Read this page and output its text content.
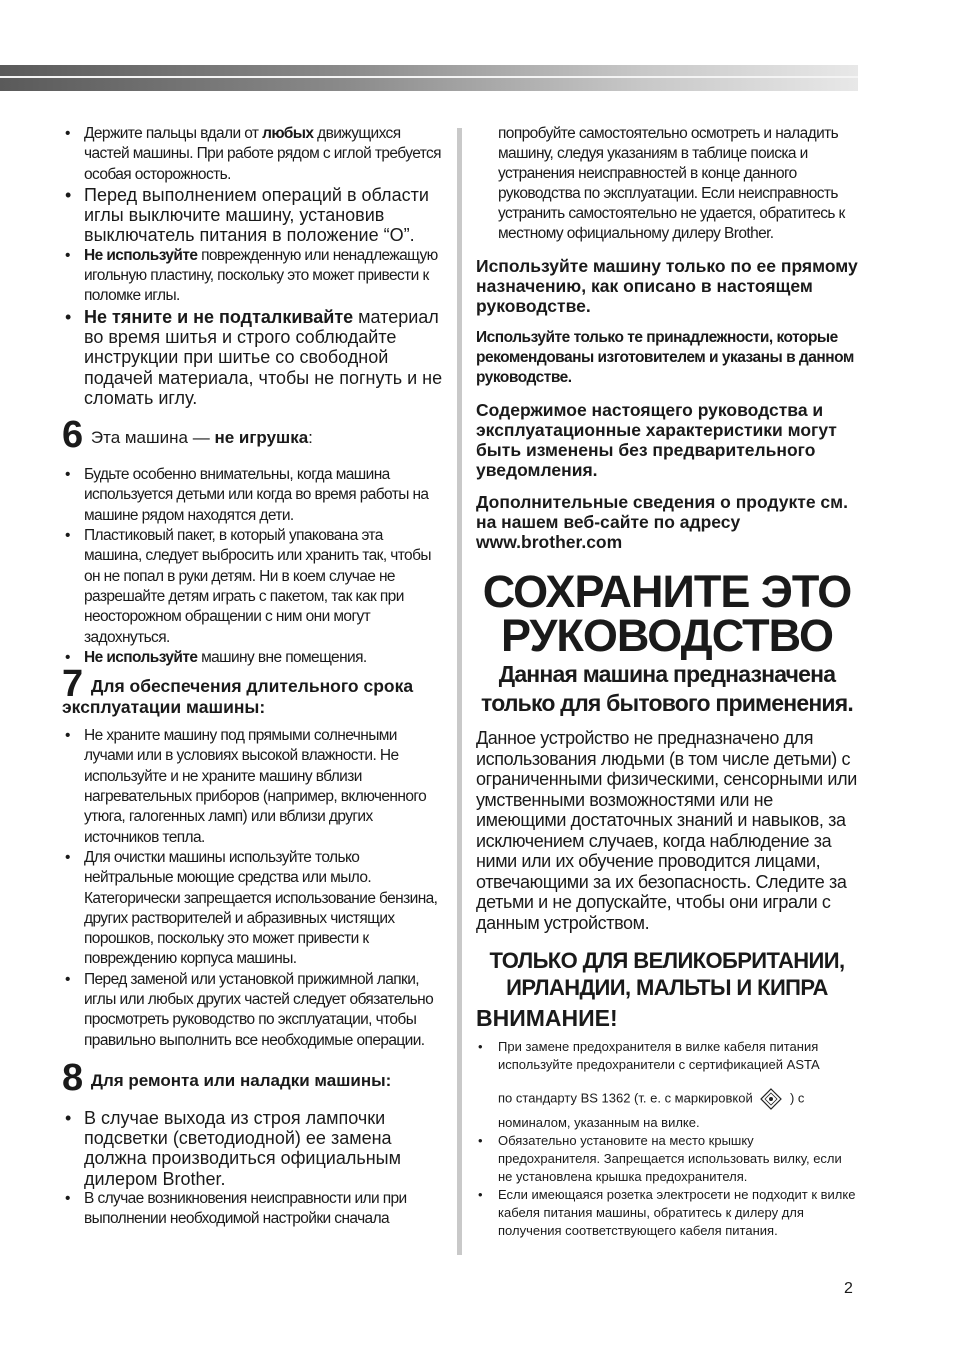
• Держите пальцы вдали от любых движущихся частей машины. При работе рядом с иглой требуется особая осторожность.
• Перед выполнением операций в области иглы выключите машину, установив выключатель питания в положение “O”.
• Не используйте поврежденную или ненадлежащую игольную пластину, поскольку это может привести к поломке иглы.
• Не тяните и не подталкивайте материал во время шитья и строго соблюдайте инструкции при шитье со свободной подачей материала, чтобы не погнуть и не сломать иглу.
6 Эта машина — не игрушка:
• Будьте особенно внимательны, когда машина используется детьми или когда во время работы на машине рядом находятся дети.
• Пластиковый пакет, в который упакована эта машина, следует выбросить или хранить так, чтобы он не попал в руки детям. Ни в коем случае не разрешайте детям играть с пакетом, так как при неосторожном обращении с ним они могут задохнуться.
• Не используйте машину вне помещения.
7 Для обеспечения длительного срока эксплуатации машины:
• Не храните машину под прямыми солнечными лучами или в условиях высокой влажности. Не используйте и не храните машину вблизи нагревательных приборов (например, включенного утюга, галогенных ламп) или вблизи других источников тепла.
• Для очистки машины используйте только нейтральные моющие средства или мыло. Категорически запрещается использование бензина, других растворителей и абразивных чистящих порошков, поскольку это может привести к повреждению корпуса машины.
• Перед заменой или установкой прижимной лапки, иглы или любых других частей следует обязательно просмотреть руководство по эксплуатации, чтобы правильно выполнить все необходимые операции.
8 Для ремонта или наладки машины:
• В случае выхода из строя лампочки подсветки (светодиодной) ее замена должна производиться официальным дилером Brother.
• В случае возникновения неисправности или при выполнении необходимой настройки сначала
попробуйте самостоятельно осмотреть и наладить машину, следуя указаниям в таблице поиска и устранения неисправностей в конце данного руководства по эксплуатации. Если неисправность устранить самостоятельно не удается, обратитесь к местному официальному дилеру Brother.
Используйте машину только по ее прямому назначению, как описано в настоящем руководстве.
Используйте только те принадлежности, которые рекомендованы изготовителем и указаны в данном руководстве.
Содержимое настоящего руководства и эксплуатационные характеристики могут быть изменены без предварительного уведомления.
Дополнительные сведения о продукте см. на нашем веб-сайте по адресу www.brother.com
СОХРАНИТЕ ЭТО
РУКОВОДСТВО
Данная машина предназначена
только для бытового применения.
Данное устройство не предназначено для использования людьми (в том числе детьми) с ограниченными физическими, сенсорными или умственными возможностями или не имеющими достаточных знаний и навыков, за исключением случаев, когда наблюдение за ними или их обучение проводится лицами, отвечающими за их безопасность. Следите за детьми и не допускайте, чтобы они играли с данным устройством.
ТОЛЬКО ДЛЯ ВЕЛИКОБРИТАНИИ,
ИРЛАНДИИ, МАЛЬТЫ И КИПРА
ВНИМАНИЕ!
• При замене предохранителя в вилке кабеля питания используйте предохранители с сертификацией ASTA
по стандарту BS 1362 (т. е. с маркировкой	) с
номиналом, указанным на вилке.
• Обязательно установите на место крышку предохранителя. Запрещается использовать вилку, если не установлена крышка предохранителя.
• Если имеющаяся розетка электросети не подходит к вилке кабеля питания машины, обратитесь к дилеру для получения соответствующего кабеля питания.
2
